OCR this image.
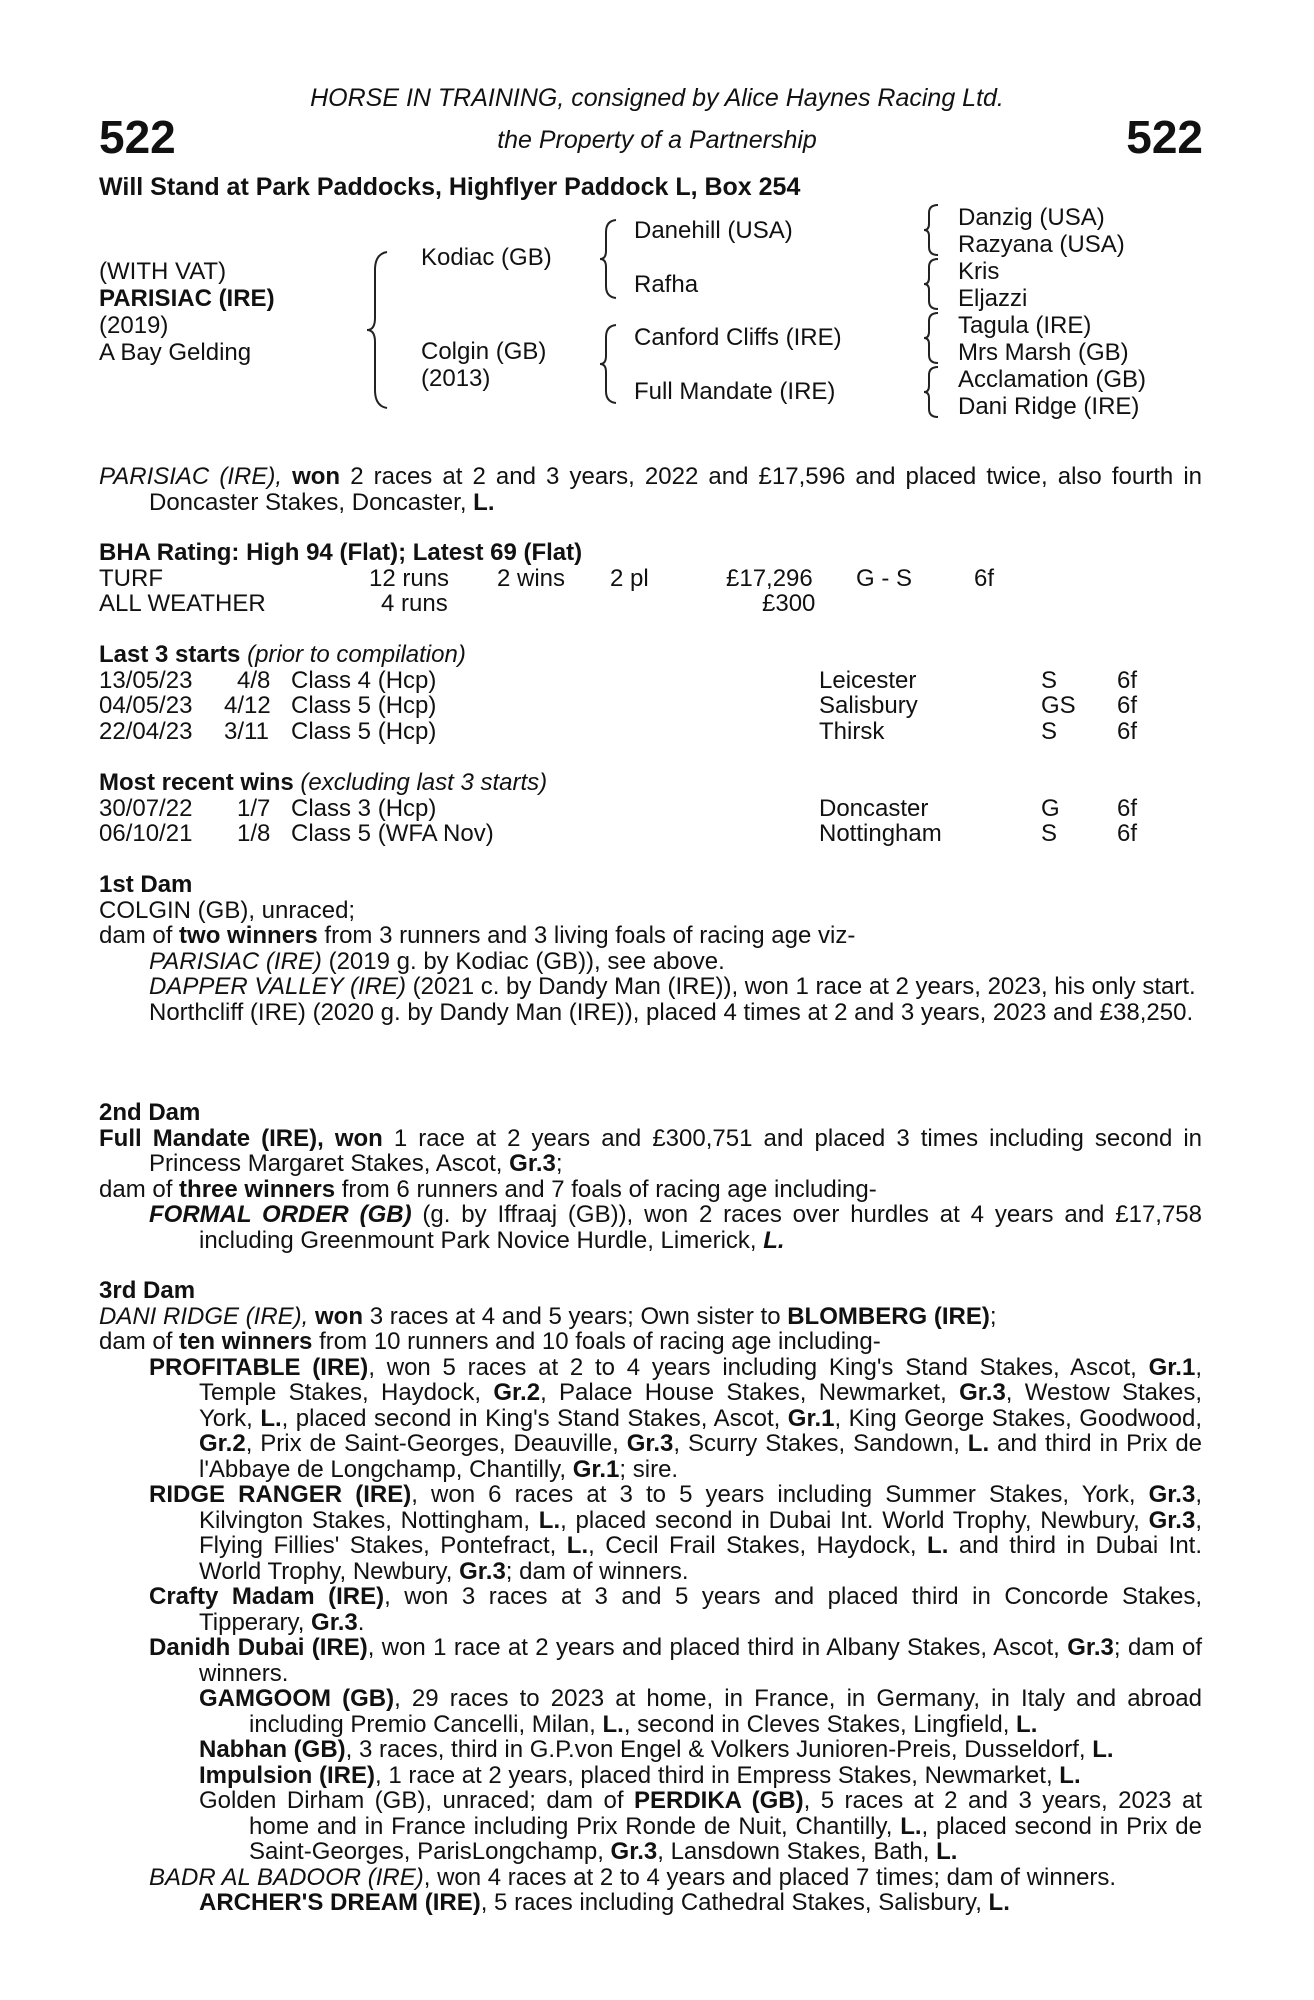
522	522
HORSE IN TRAINING, consigned by Alice Haynes Racing Ltd.
the Property of a Partnership
Will Stand at Park Paddocks, Highflyer Paddock L, Box 254
(WITH VAT)
PARISIAC (IRE)
(2019)
A Bay Gelding
Kodiac (GB)
Colgin (GB)
(2013)
Danehill (USA)
Rafha
Canford Cliffs (IRE)
Full Mandate (IRE)
Danzig (USA)
Razyana (USA)
Kris
Eljazzi
Tagula (IRE)
Mrs Marsh (GB)
Acclamation (GB)
Dani Ridge (IRE)

PARISIAC (IRE), won 2 races at 2 and 3 years, 2022 and £17,596 and placed twice, also fourth in Doncaster Stakes, Doncaster, L.

BHA Rating: High 94 (Flat); Latest 69 (Flat)
TURF	12 runs 2 wins 2 pl	£17,296 G - S	6f
ALL WEATHER	4 runs	£300
Last 3 starts (prior to compilation)
13/05/23 4/8 Class 4 (Hcp)	Leicester	S 6f
04/05/23 4/12 Class 5 (Hcp)	Salisbury	GS 6f
22/04/23 3/11 Class 5 (Hcp)	Thirsk	S 6f
Most recent wins (excluding last 3 starts)
30/07/22 1/7 Class 3 (Hcp)	Doncaster	G 6f
06/10/21 1/8 Class 5 (WFA Nov)	Nottingham	S 6f
1st Dam

COLGIN (GB), unraced;

dam of two winners from 3 runners and 3 living foals of racing age viz-

PARISIAC (IRE) (2019 g. by Kodiac (GB)), see above.

DAPPER VALLEY (IRE) (2021 c. by Dandy Man (IRE)), won 1 race at 2 years, 2023, his only start.

Northcliff (IRE) (2020 g. by Dandy Man (IRE)), placed 4 times at 2 and 3 years, 2023 and £38,250.

2nd Dam

Full Mandate (IRE), won 1 race at 2 years and £300,751 and placed 3 times including second in Princess Margaret Stakes, Ascot, Gr.3;

dam of three winners from 6 runners and 7 foals of racing age including-

FORMAL ORDER (GB) (g. by Iffraaj (GB)), won 2 races over hurdles at 4 years and £17,758 including Greenmount Park Novice Hurdle, Limerick, L.

3rd Dam

DANI RIDGE (IRE), won 3 races at 4 and 5 years; Own sister to BLOMBERG (IRE);

dam of ten winners from 10 runners and 10 foals of racing age including-

PROFITABLE (IRE), won 5 races at 2 to 4 years including King's Stand Stakes, Ascot, Gr.1, Temple Stakes, Haydock, Gr.2, Palace House Stakes, Newmarket, Gr.3, Westow Stakes, York, L., placed second in King's Stand Stakes, Ascot, Gr.1, King George Stakes, Goodwood, Gr.2, Prix de Saint-Georges, Deauville, Gr.3, Scurry Stakes, Sandown, L. and third in Prix de l'Abbaye de Longchamp, Chantilly, Gr.1; sire.

RIDGE RANGER (IRE), won 6 races at 3 to 5 years including Summer Stakes, York, Gr.3, Kilvington Stakes, Nottingham, L., placed second in Dubai Int. World Trophy, Newbury, Gr.3, Flying Fillies' Stakes, Pontefract, L., Cecil Frail Stakes, Haydock, L. and third in Dubai Int. World Trophy, Newbury, Gr.3; dam of winners.

Crafty Madam (IRE), won 3 races at 3 and 5 years and placed third in Concorde Stakes, Tipperary, Gr.3.

Danidh Dubai (IRE), won 1 race at 2 years and placed third in Albany Stakes, Ascot, Gr.3; dam of winners.

GAMGOOM (GB), 29 races to 2023 at home, in France, in Germany, in Italy and abroad including Premio Cancelli, Milan, L., second in Cleves Stakes, Lingfield, L.

Nabhan (GB), 3 races, third in G.P.von Engel & Volkers Junioren-Preis, Dusseldorf, L.

Impulsion (IRE), 1 race at 2 years, placed third in Empress Stakes, Newmarket, L.

Golden Dirham (GB), unraced; dam of PERDIKA (GB), 5 races at 2 and 3 years, 2023 at home and in France including Prix Ronde de Nuit, Chantilly, L., placed second in Prix de Saint-Georges, ParisLongchamp, Gr.3, Lansdown Stakes, Bath, L.

BADR AL BADOOR (IRE), won 4 races at 2 to 4 years and placed 7 times; dam of winners.

ARCHER'S DREAM (IRE), 5 races including Cathedral Stakes, Salisbury, L.
